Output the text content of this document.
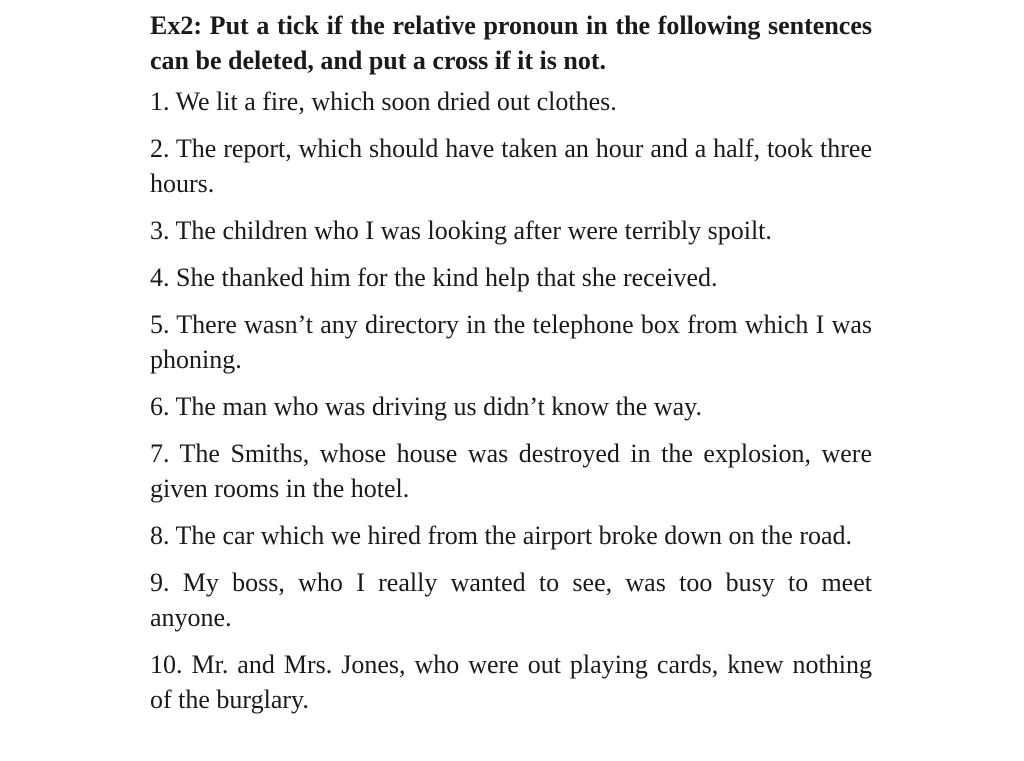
Ex2: Put a tick if the relative pronoun in the following sentences can be deleted, and put a cross if it is not.
1. We lit a fire, which soon dried out clothes.
2. The report, which should have taken an hour and a half, took three hours.
3. The children who I was looking after were terribly spoilt.
4. She thanked him for the kind help that she received.
5. There wasn’t any directory in the telephone box from which I was phoning.
6. The man who was driving us didn’t know the way.
7. The Smiths, whose house was destroyed in the explosion, were given rooms in the hotel.
8. The car which we hired from the airport broke down on the road.
9. My boss, who I really wanted to see, was too busy to meet anyone.
10. Mr. and Mrs. Jones, who were out playing cards, knew nothing of the burglary.
